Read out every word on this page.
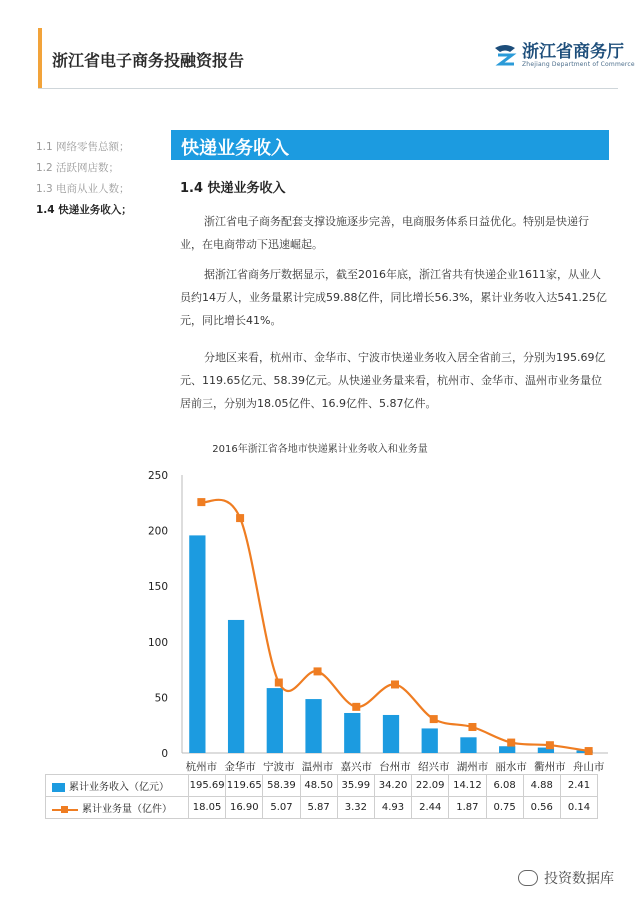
浙江省电子商务投融资报告	浙江省商务厅
Zhejiang Department of Commerce
1.1 网络零售总额；
1.2 活跃网店数；
1.3 电商从业人数；
1.4 快递业务收入；
快递业务收入
1.4 快递业务收入
浙江省电子商务配套支撑设施逐步完善，电商服务体系日益优化。特别是快递行业，在电商带动下迅速崛起。
据浙江省商务厅数据显示，截至2016年底，浙江省共有快递企业1611家，从业人员约14万人，业务量累计完成59.88亿件，同比增长56.3%，累计业务收入达541.25亿元，同比增长41%。
分地区来看，杭州市、金华市、宁波市快递业务收入居全省前三，分别为195.69亿元、119.65亿元、58.39亿元。从快递业务量来看，杭州市、金华市、温州市业务量位居前三，分别为18.05亿件、16.9亿件、5.87亿件。
2016年浙江省各地市快递累计业务收入和业务量
0
50
100
150
200
250
杭州市 金华市 宁波市 温州市 嘉兴市 台州市 绍兴市 湖州市 丽水市 衢州市 舟山市
累计业务收入（亿元）	195.69	119.65	58.39	48.50	35.99	34.20	22.09	14.12	6.08	4.88	2.41
累计业务量（亿件）	18.05	16.90	5.07	5.87	3.32	4.93	2.44	1.87	0.75	0.56	0.14
投资数据库
